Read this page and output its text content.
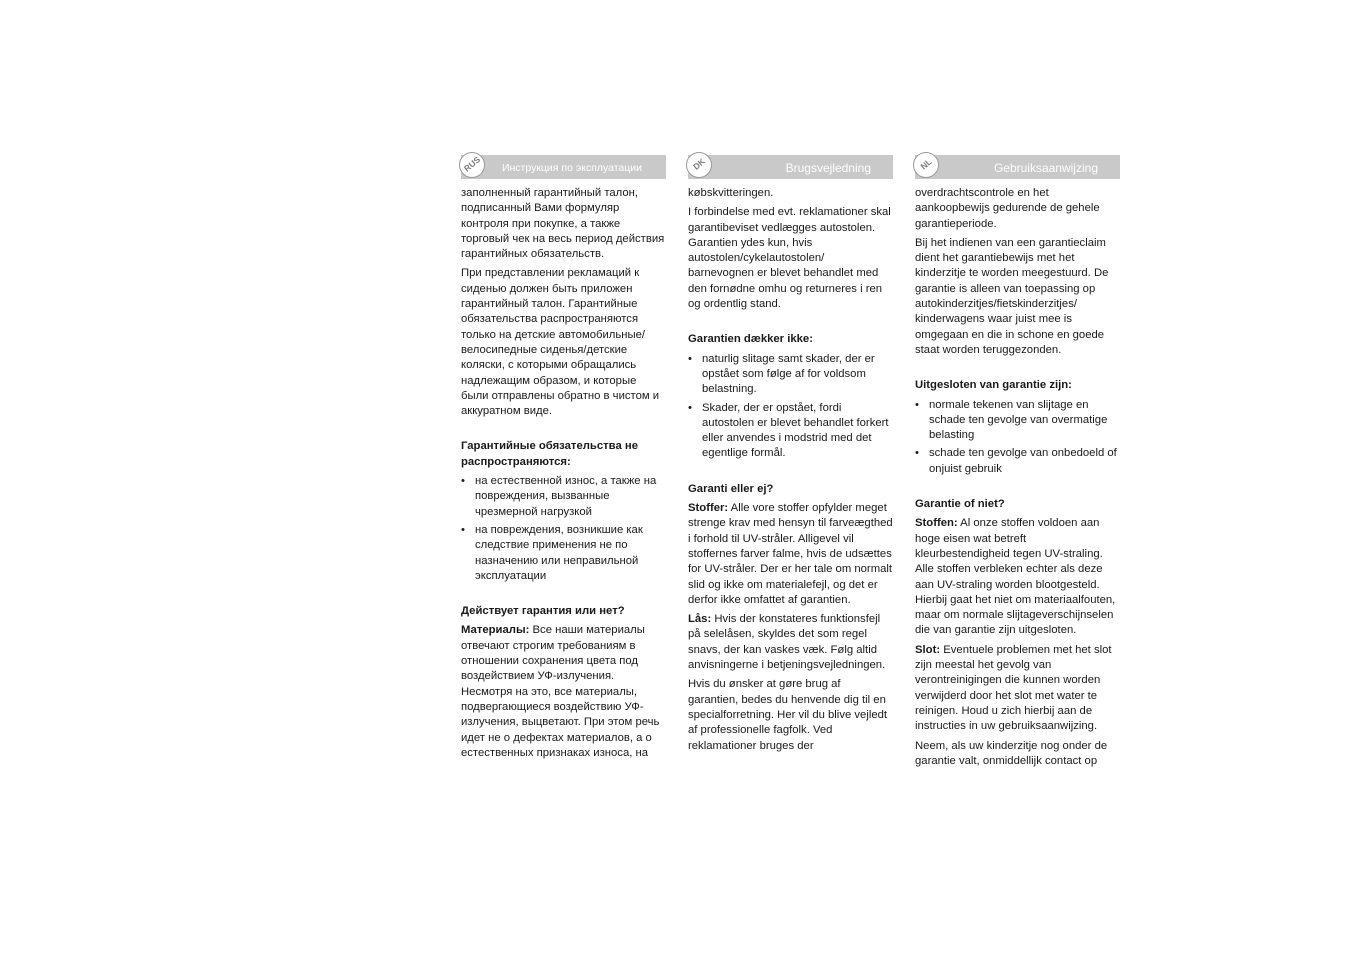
RUS Инструкция по эксплуатации

заполненный гарантийный талон, подписанный Вами формуляр контроля при покупке, а также торговый чек на весь период действия гарантийных обязательств.

При представлении рекламаций к сиденью должен быть приложен гарантийный талон. Гарантийные обязательства распространяются только на детские автомобильные/ велосипедные сиденья/детские коляски, с которыми обращались надлежащим образом, и которые были отправлены обратно в чистом и аккуратном виде.

Гарантийные обязательства не распространяются:
• на естественной износ, а также на повреждения, вызванные чрезмерной нагрузкой
• на повреждения, возникшие как следствие применения не по назначению или неправильной эксплуатации
Действует гарантия или нет?

Материалы: Все наши материалы отвечают строгим требованиям в отношении сохранения цвета под воздействием УФ-излучения. Несмотря на это, все материалы, подвергающиеся воздействию УФ-излучения, выцветают. При этом речь идет не о дефектах материалов, а о естественных признаках износа, на

DK	Brugsvejledning

købskvitteringen.

I forbindelse med evt. reklamationer skal garantibeviset vedlægges autostolen. Garantien ydes kun, hvis autostolen/cykelautostolen/ barnevognen er blevet behandlet med den fornødne omhu og returneres i ren og ordentlig stand.

Garantien dækker ikke:
• naturlig slitage samt skader, der er opstået som følge af for voldsom belastning.
• Skader, der er opstået, fordi autostolen er blevet behandlet forkert eller anvendes i modstrid med det egentlige formål.
Garanti eller ej?

Stoffer: Alle vore stoffer opfylder meget strenge krav med hensyn til farveægthed i forhold til UV-stråler. Alligevel vil stoffernes farver falme, hvis de udsættes for UV-stråler. Der er her tale om normalt slid og ikke om materialefejl, og det er derfor ikke omfattet af garantien.

Lås: Hvis der konstateres funktionsfejl på selelåsen, skyldes det som regel snavs, der kan vaskes væk. Følg altid anvisningerne i betjeningsvejledningen.

Hvis du ønsker at gøre brug af garantien, bedes du henvende dig til en specialforretning. Her vil du blive vejledt af professionelle fagfolk. Ved reklamationer bruges der

NL	Gebruiksaanwijzing

overdrachtscontrole en het aankoopbewijs gedurende de gehele garantieperiode.

Bij het indienen van een garantieclaim dient het garantiebewijs met het kinderzitje te worden meegestuurd. De garantie is alleen van toepassing op autokinderzitjes/fietskinderzitjes/ kinderwagens waar juist mee is omgegaan en die in schone en goede staat worden teruggezonden.

Uitgesloten van garantie zijn:
• normale tekenen van slijtage en schade ten gevolge van overmatige belasting
• schade ten gevolge van onbedoeld of onjuist gebruik
Garantie of niet?

Stoffen: Al onze stoffen voldoen aan hoge eisen wat betreft kleurbestendigheid tegen UV-straling. Alle stoffen verbleken echter als deze aan UV-straling worden blootgesteld. Hierbij gaat het niet om materiaalfouten, maar om normale slijtageverschijnselen die van garantie zijn uitgesloten.

Slot: Eventuele problemen met het slot zijn meestal het gevolg van verontreinigingen die kunnen worden verwijderd door het slot met water te reinigen. Houd u zich hierbij aan de instructies in uw gebruiksaanwijzing.

Neem, als uw kinderzitje nog onder de garantie valt, onmiddellijk contact op
